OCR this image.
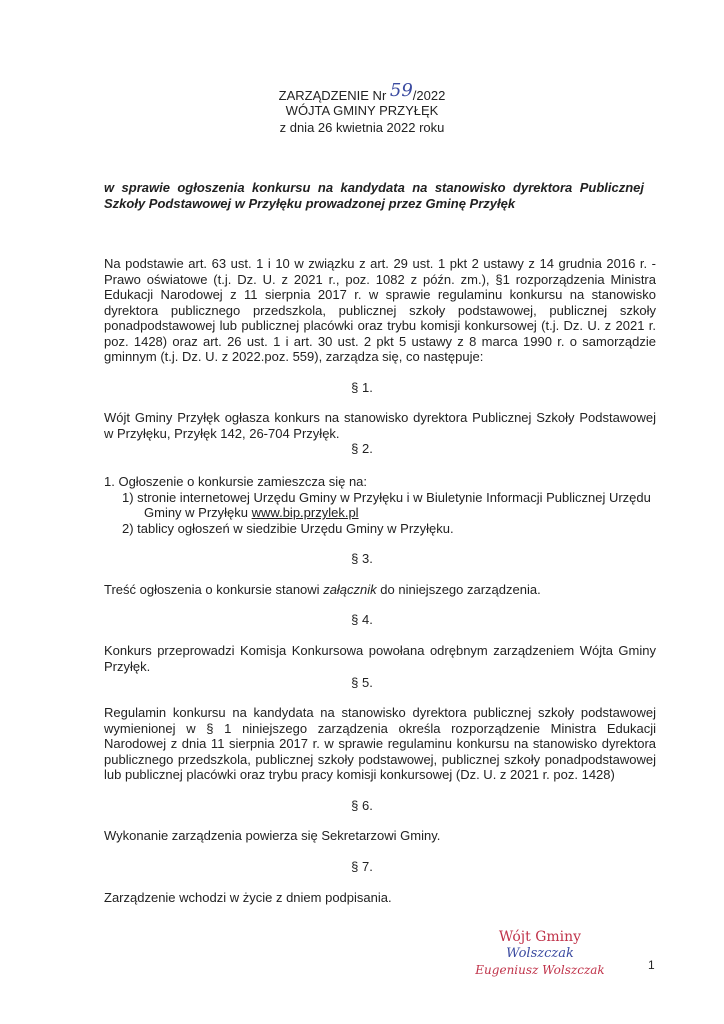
ZARZĄDZENIE Nr 59/2022
WÓJTA GMINY PRZYŁĘK
z dnia 26 kwietnia 2022 roku
w sprawie ogłoszenia konkursu na kandydata na stanowisko dyrektora Publicznej Szkoły Podstawowej w Przyłęku prowadzonej przez Gminę Przyłęk
Na podstawie art. 63 ust. 1 i 10 w związku z art. 29 ust. 1 pkt 2 ustawy z 14 grudnia 2016 r. - Prawo oświatowe (t.j. Dz. U. z 2021 r., poz. 1082 z późn. zm.), §1 rozporządzenia Ministra Edukacji Narodowej z 11 sierpnia 2017 r. w sprawie regulaminu konkursu na stanowisko dyrektora publicznego przedszkola, publicznej szkoły podstawowej, publicznej szkoły ponadpodstawowej lub publicznej placówki oraz trybu komisji konkursowej (t.j. Dz. U. z 2021 r. poz. 1428) oraz art. 26 ust. 1 i art. 30 ust. 2 pkt 5 ustawy z 8 marca 1990 r. o samorządzie gminnym (t.j. Dz. U. z 2022.poz. 559), zarządza się, co następuje:
§ 1.
Wójt Gminy Przyłęk ogłasza konkurs na stanowisko dyrektora Publicznej Szkoły Podstawowej w Przyłęku, Przyłęk 142, 26-704 Przyłęk.
§ 2.
1. Ogłoszenie o konkursie zamieszcza się na:
1) stronie internetowej Urzędu Gminy w Przyłęku i w Biuletynie Informacji Publicznej Urzędu
Gminy w Przyłęku www.bip.przylek.pl
2) tablicy ogłoszeń w siedzibie Urzędu Gminy w Przyłęku.
§ 3.
Treść ogłoszenia o konkursie stanowi załącznik do niniejszego zarządzenia.
§ 4.
Konkurs przeprowadzi Komisja Konkursowa powołana odrębnym zarządzeniem Wójta Gminy Przyłęk.
§ 5.
Regulamin konkursu na kandydata na stanowisko dyrektora publicznej szkoły podstawowej wymienionej w § 1 niniejszego zarządzenia określa rozporządzenie Ministra Edukacji Narodowej z dnia 11 sierpnia 2017 r. w sprawie regulaminu konkursu na stanowisko dyrektora publicznego przedszkola, publicznej szkoły podstawowej, publicznej szkoły ponadpodstawowej lub publicznej placówki oraz trybu pracy komisji konkursowej (Dz. U. z 2021 r. poz. 1428)
§ 6.
Wykonanie zarządzenia powierza się Sekretarzowi Gminy.
§ 7.
Zarządzenie wchodzi w życie z dniem podpisania.
Wójt Gminy
Wolszczak
Eugeniusz Wolszczak	1
